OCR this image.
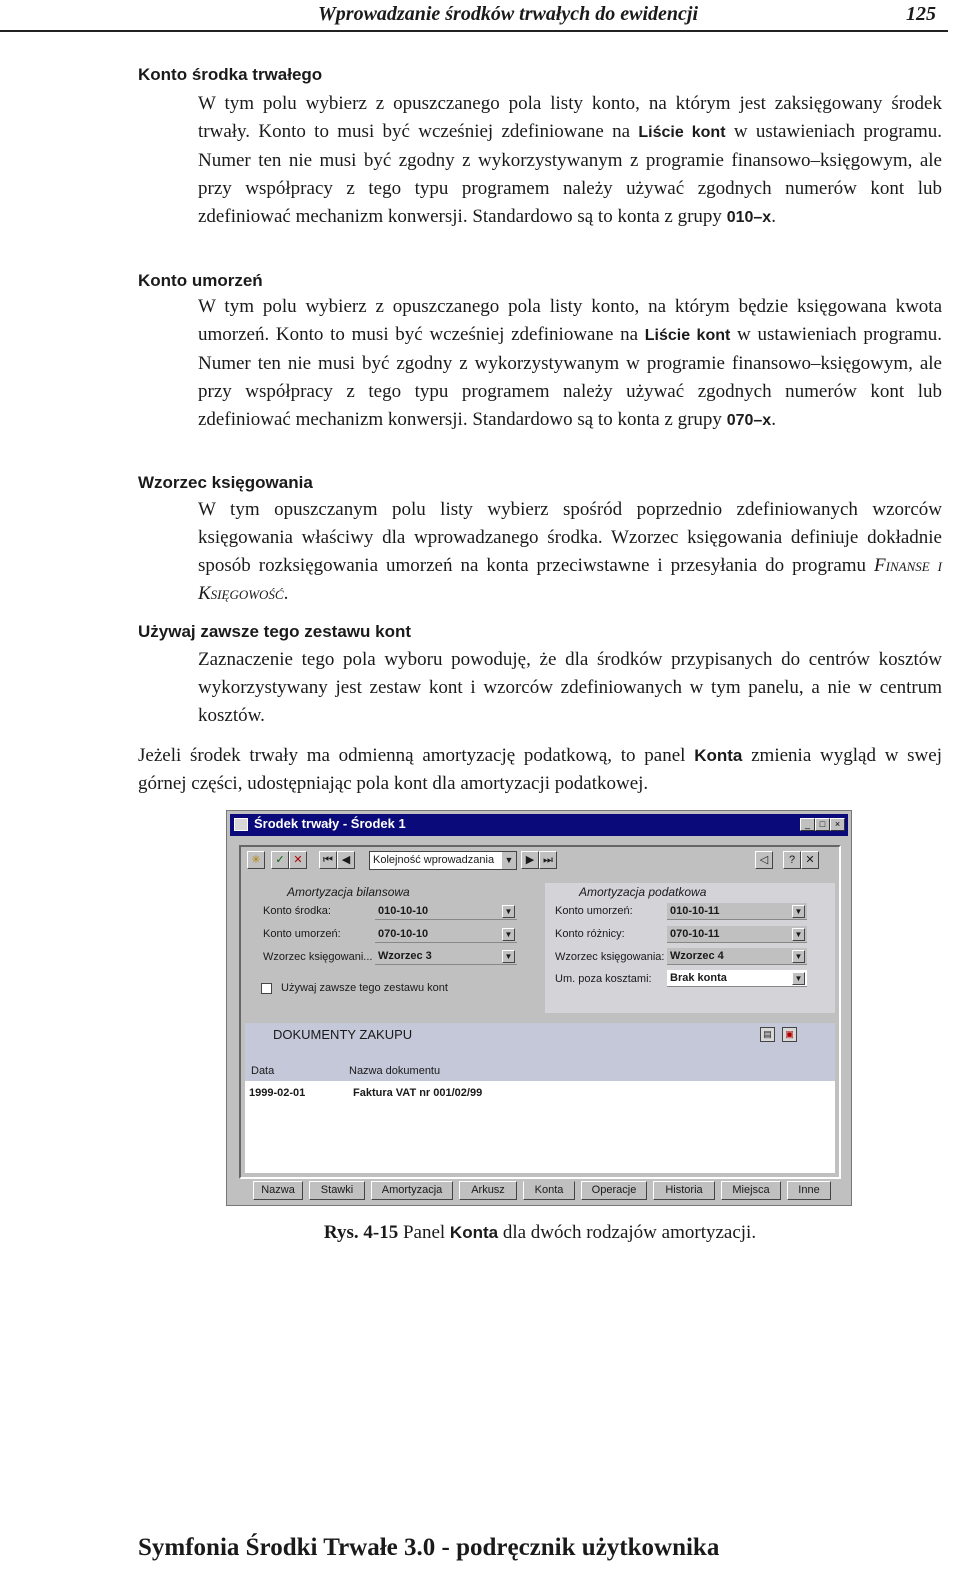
Wprowadzanie środków trwałych do ewidencji	125
Konto środka trwałego

W tym polu wybierz z opuszczanego pola listy konto, na którym jest zaksięgowany środek trwały. Konto to musi być wcześniej zdefiniowane na Liście kont w ustawieniach programu. Numer ten nie musi być zgodny z wykorzystywanym z programie finansowo–księgowym, ale przy współpracy z tego typu programem należy używać zgodnych numerów kont lub zdefiniować mechanizm konwersji. Standardowo są to konta z grupy 010–x.

Konto umorzeń

W tym polu wybierz z opuszczanego pola listy konto, na którym będzie księgowana kwota umorzeń. Konto to musi być wcześniej zdefiniowane na Liście kont w ustawieniach programu. Numer ten nie musi być zgodny z wykorzystywanym w programie finansowo–księgowym, ale przy współpracy z tego typu programem należy używać zgodnych numerów kont lub zdefiniować mechanizm konwersji. Standardowo są to konta z grupy 070–x.

Wzorzec księgowania

W tym opuszczanym polu listy wybierz spośród poprzednio zdefiniowanych wzorców księgowania właściwy dla wprowadzanego środka. Wzorzec księgowania definiuje dokładnie sposób rozksięgowania umorzeń na konta przeciwstawne i przesyłania do programu Finanse i Księgowość.

Używaj zawsze tego zestawu kont

Zaznaczenie tego pola wyboru powoduję, że dla środków przypisanych do centrów kosztów wykorzystywany jest zestaw kont i wzorców zdefiniowanych w tym panelu, a nie w centrum kosztów.

Jeżeli środek trwały ma odmienną amortyzację podatkową, to panel Konta zmienia wygląd w swej górnej części, udostępniając pola kont dla amortyzacji podatkowej.

Środek trwały - Środek 1	_	□	×
✳	✓ ✕	⏮ ◀	Kolejność wprowadzania ▼	▶ ⏭	◁	? ✕
Amortyzacja bilansowa
Konto środka:	010-10-10	▼
Konto umorzeń:	070-10-10	▼
Wzorzec księgowani... Wzorzec 3	▼
Używaj zawsze tego zestawu kont
Amortyzacja podatkowa
Konto umorzeń:	010-10-11	▼
Konto różnicy:	070-10-11	▼
Wzorzec księgowania: Wzorzec 4	▼
Um. poza kosztami: Brak konta	▼
DOKUMENTY ZAKUPU	▤	▣
Data	Nazwa dokumentu
1999-02-01	Faktura VAT nr 001/02/99
Nazwa	Stawki	Amortyzacja	Arkusz	Konta	Operacje	Historia	Miejsca	Inne
Rys. 4-15 Panel Konta dla dwóch rodzajów amortyzacji.
Symfonia Środki Trwałe 3.0 - podręcznik użytkownika
